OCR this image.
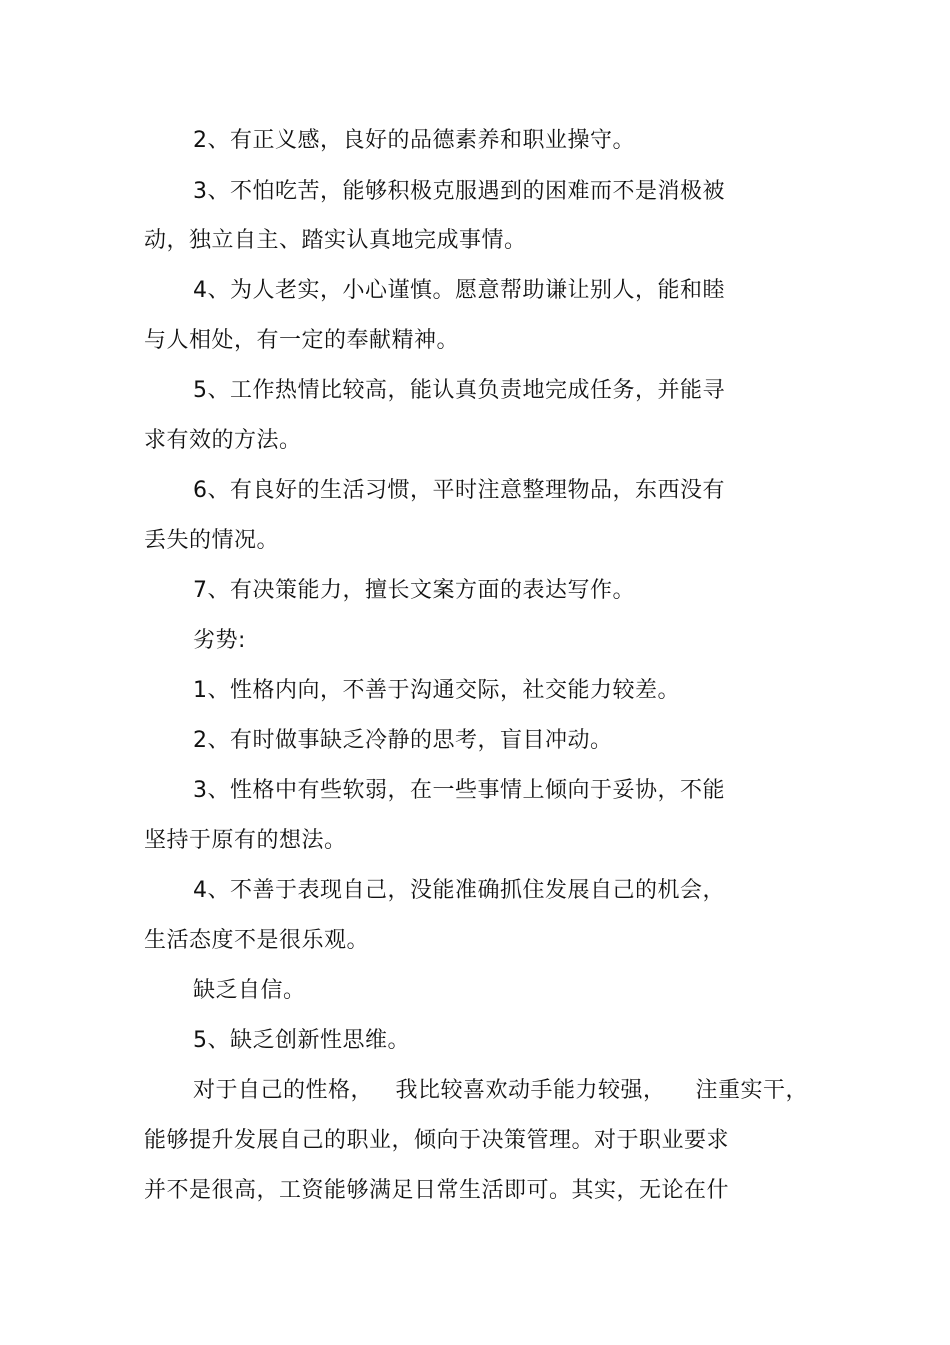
2、有正义感，良好的品德素养和职业操守。
3、不怕吃苦，能够积极克服遇到的困难而不是消极被
动，独立自主、踏实认真地完成事情。
4、为人老实，小心谨慎。愿意帮助谦让别人，能和睦
与人相处，有一定的奉献精神。
5、工作热情比较高，能认真负责地完成任务，并能寻
求有效的方法。
6、有良好的生活习惯，平时注意整理物品，东西没有
丢失的情况。
7、有决策能力，擅长文案方面的表达写作。
劣势:
1、性格内向，不善于沟通交际，社交能力较差。
2、有时做事缺乏冷静的思考，盲目冲动。
3、性格中有些软弱，在一些事情上倾向于妥协，不能
坚持于原有的想法。
4、不善于表现自己，没能准确抓住发展自己的机会，
生活态度不是很乐观。
缺乏自信。
5、缺乏创新性思维。
对于自己的性格，   我比较喜欢动手能力较强，    注重实干，
能够提升发展自己的职业，倾向于决策管理。对于职业要求
并不是很高，工资能够满足日常生活即可。其实，无论在什
